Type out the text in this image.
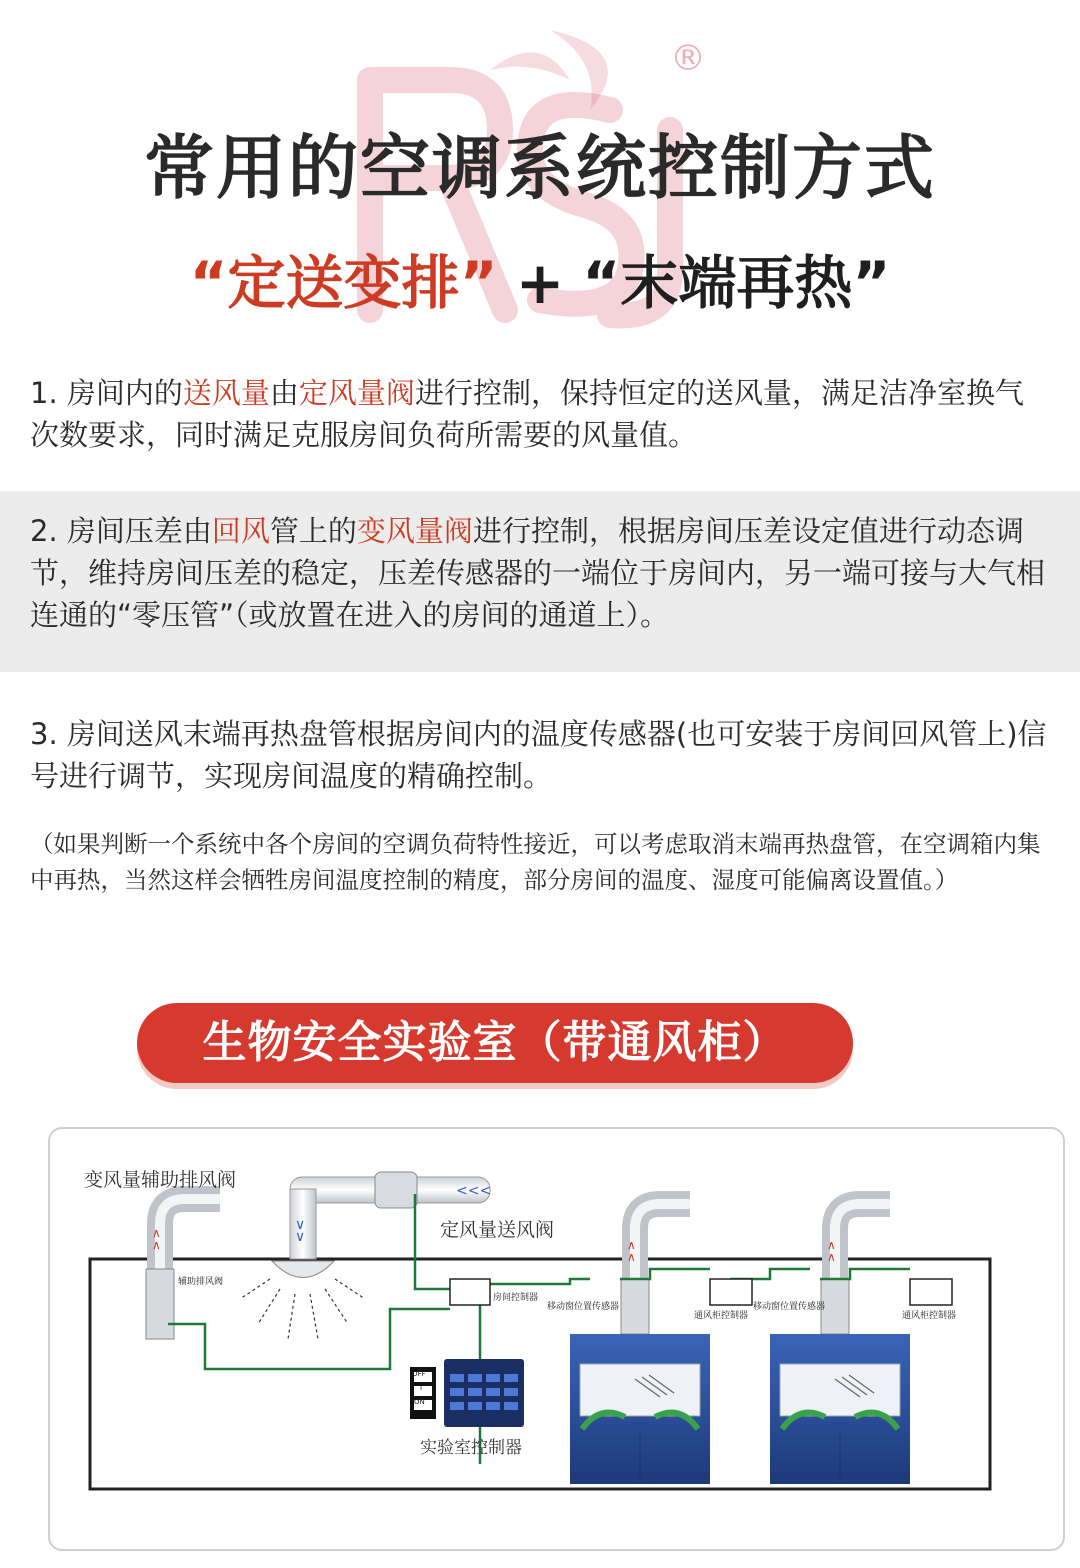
®
常用的空调系统控制方式
“定送变排” + “末端再热”
1. 房间内的送风量由定风量阀进行控制，保持恒定的送风量，满足洁净室换气次数要求，同时满足克服房间负荷所需要的风量值。
2. 房间压差由回风管上的变风量阀进行控制，根据房间压差设定值进行动态调节，维持房间压差的稳定，压差传感器的一端位于房间内，另一端可接与大气相连通的“零压管”（或放置在进入的房间的通道上）。
3. 房间送风末端再热盘管根据房间内的温度传感器(也可安装于房间回风管上)信号进行调节，实现房间温度的精确控制。
（如果判断一个系统中各个房间的空调负荷特性接近，可以考虑取消末端再热盘管，在空调箱内集中再热，当然这样会牺牲房间温度控制的精度，部分房间的温度、湿度可能偏离设置值。）
生物安全实验室（带通风柜）
<<<
∨
∨
∧
∧	∧
∧
∧
∧
变风量辅助排风阀
定风量送风阀
辅助排风阀
房间控制器
移动窗位置传感器
通风柜控制器
移动窗位置传感器
通风柜控制器
OFF
I
ON
实验室控制器
